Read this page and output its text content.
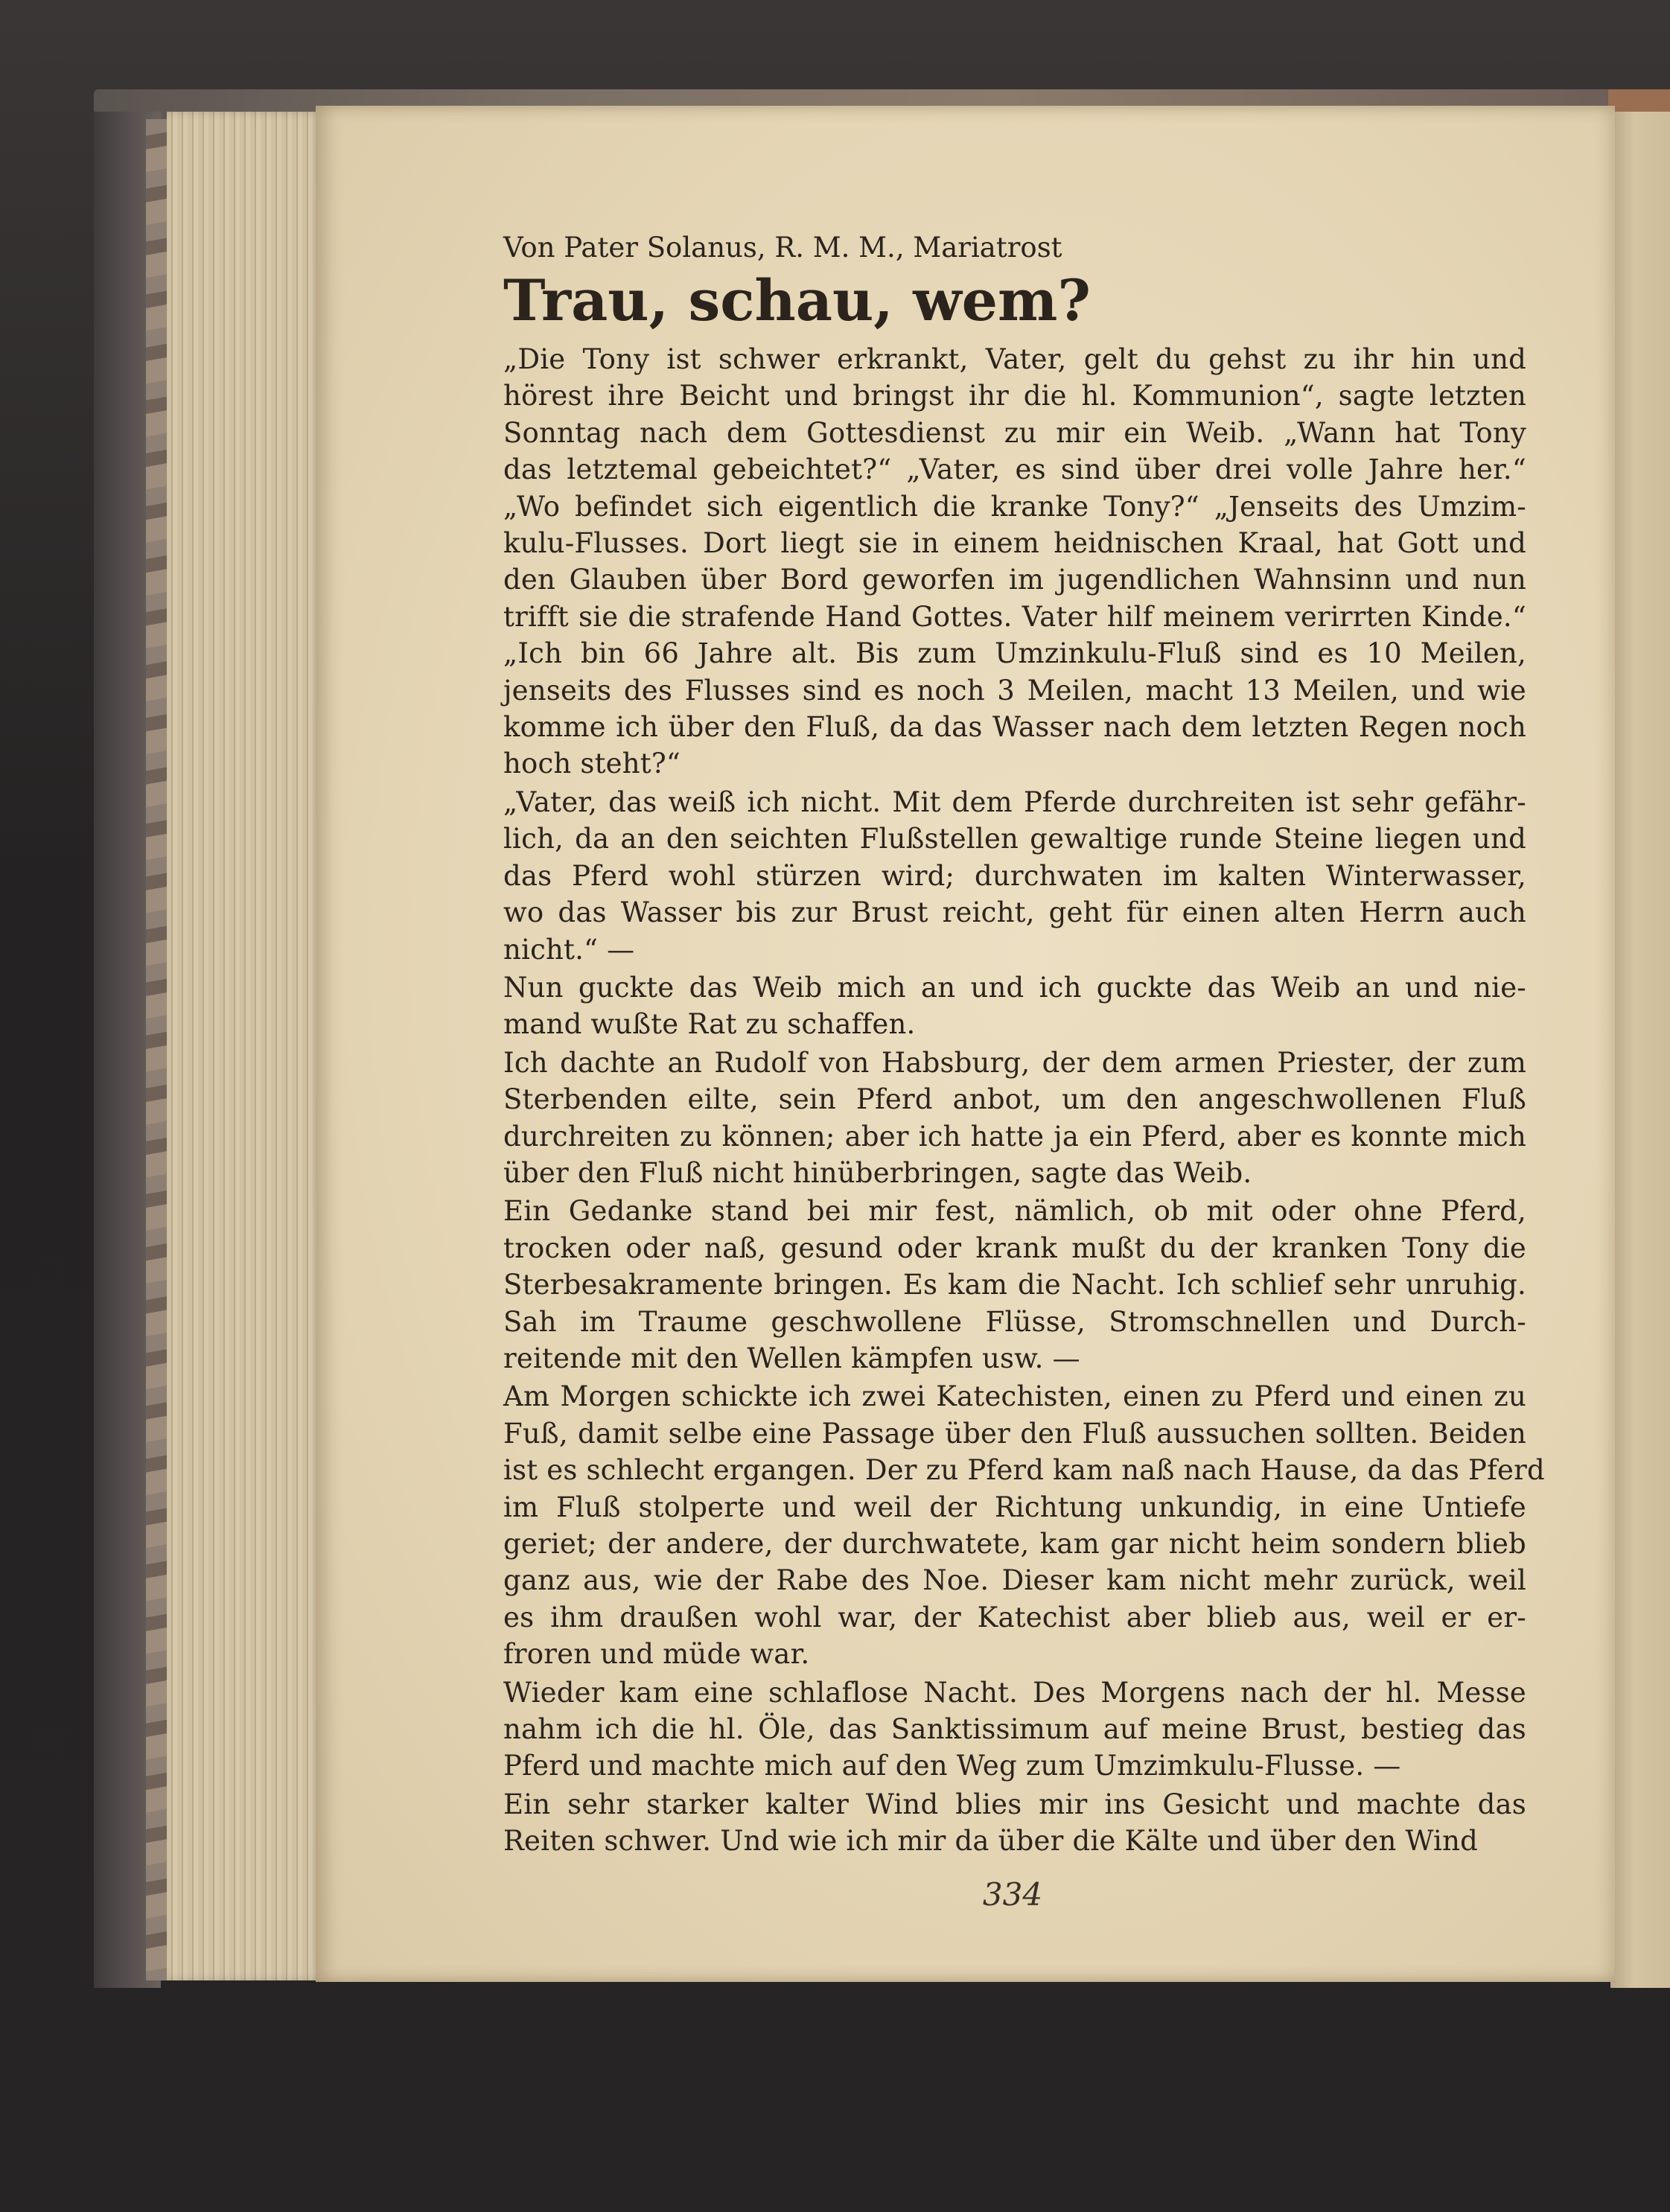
Von Pater Solanus, R. M. M., Mariatrost
Trau, schau, wem?
„Die Tony ist schwer erkrankt, Vater, gelt du gehst zu ihr hin und
hörest ihre Beicht und bringst ihr die hl. Kommunion“, sagte letzten
Sonntag nach dem Gottesdienst zu mir ein Weib. „Wann hat Tony
das letztemal gebeichtet?“ „Vater, es sind über drei volle Jahre her.“
„Wo befindet sich eigentlich die kranke Tony?“ „Jenseits des Umzim-
kulu-Flusses. Dort liegt sie in einem heidnischen Kraal, hat Gott und
den Glauben über Bord geworfen im jugendlichen Wahnsinn und nun
trifft sie die strafende Hand Gottes. Vater hilf meinem verirrten Kinde.“
„Ich bin 66 Jahre alt. Bis zum Umzinkulu-Fluß sind es 10 Meilen,
jenseits des Flusses sind es noch 3 Meilen, macht 13 Meilen, und wie
komme ich über den Fluß, da das Wasser nach dem letzten Regen noch
hoch steht?“
„Vater, das weiß ich nicht. Mit dem Pferde durchreiten ist sehr gefähr-
lich, da an den seichten Flußstellen gewaltige runde Steine liegen und
das Pferd wohl stürzen wird; durchwaten im kalten Winterwasser,
wo das Wasser bis zur Brust reicht, geht für einen alten Herrn auch
nicht.“ —
Nun guckte das Weib mich an und ich guckte das Weib an und nie-
mand wußte Rat zu schaffen.
Ich dachte an Rudolf von Habsburg, der dem armen Priester, der zum
Sterbenden eilte, sein Pferd anbot, um den angeschwollenen Fluß
durchreiten zu können; aber ich hatte ja ein Pferd, aber es konnte mich
über den Fluß nicht hinüberbringen, sagte das Weib.
Ein Gedanke stand bei mir fest, nämlich, ob mit oder ohne Pferd,
trocken oder naß, gesund oder krank mußt du der kranken Tony die
Sterbesakramente bringen. Es kam die Nacht. Ich schlief sehr unruhig.
Sah im Traume geschwollene Flüsse, Stromschnellen und Durch-
reitende mit den Wellen kämpfen usw. —
Am Morgen schickte ich zwei Katechisten, einen zu Pferd und einen zu
Fuß, damit selbe eine Passage über den Fluß aussuchen sollten. Beiden
ist es schlecht ergangen. Der zu Pferd kam naß nach Hause, da das Pferd
im Fluß stolperte und weil der Richtung unkundig, in eine Untiefe
geriet; der andere, der durchwatete, kam gar nicht heim sondern blieb
ganz aus, wie der Rabe des Noe. Dieser kam nicht mehr zurück, weil
es ihm draußen wohl war, der Katechist aber blieb aus, weil er er-
froren und müde war.
Wieder kam eine schlaflose Nacht. Des Morgens nach der hl. Messe
nahm ich die hl. Öle, das Sanktissimum auf meine Brust, bestieg das
Pferd und machte mich auf den Weg zum Umzimkulu-Flusse. —
Ein sehr starker kalter Wind blies mir ins Gesicht und machte das
Reiten schwer. Und wie ich mir da über die Kälte und über den Wind
334
